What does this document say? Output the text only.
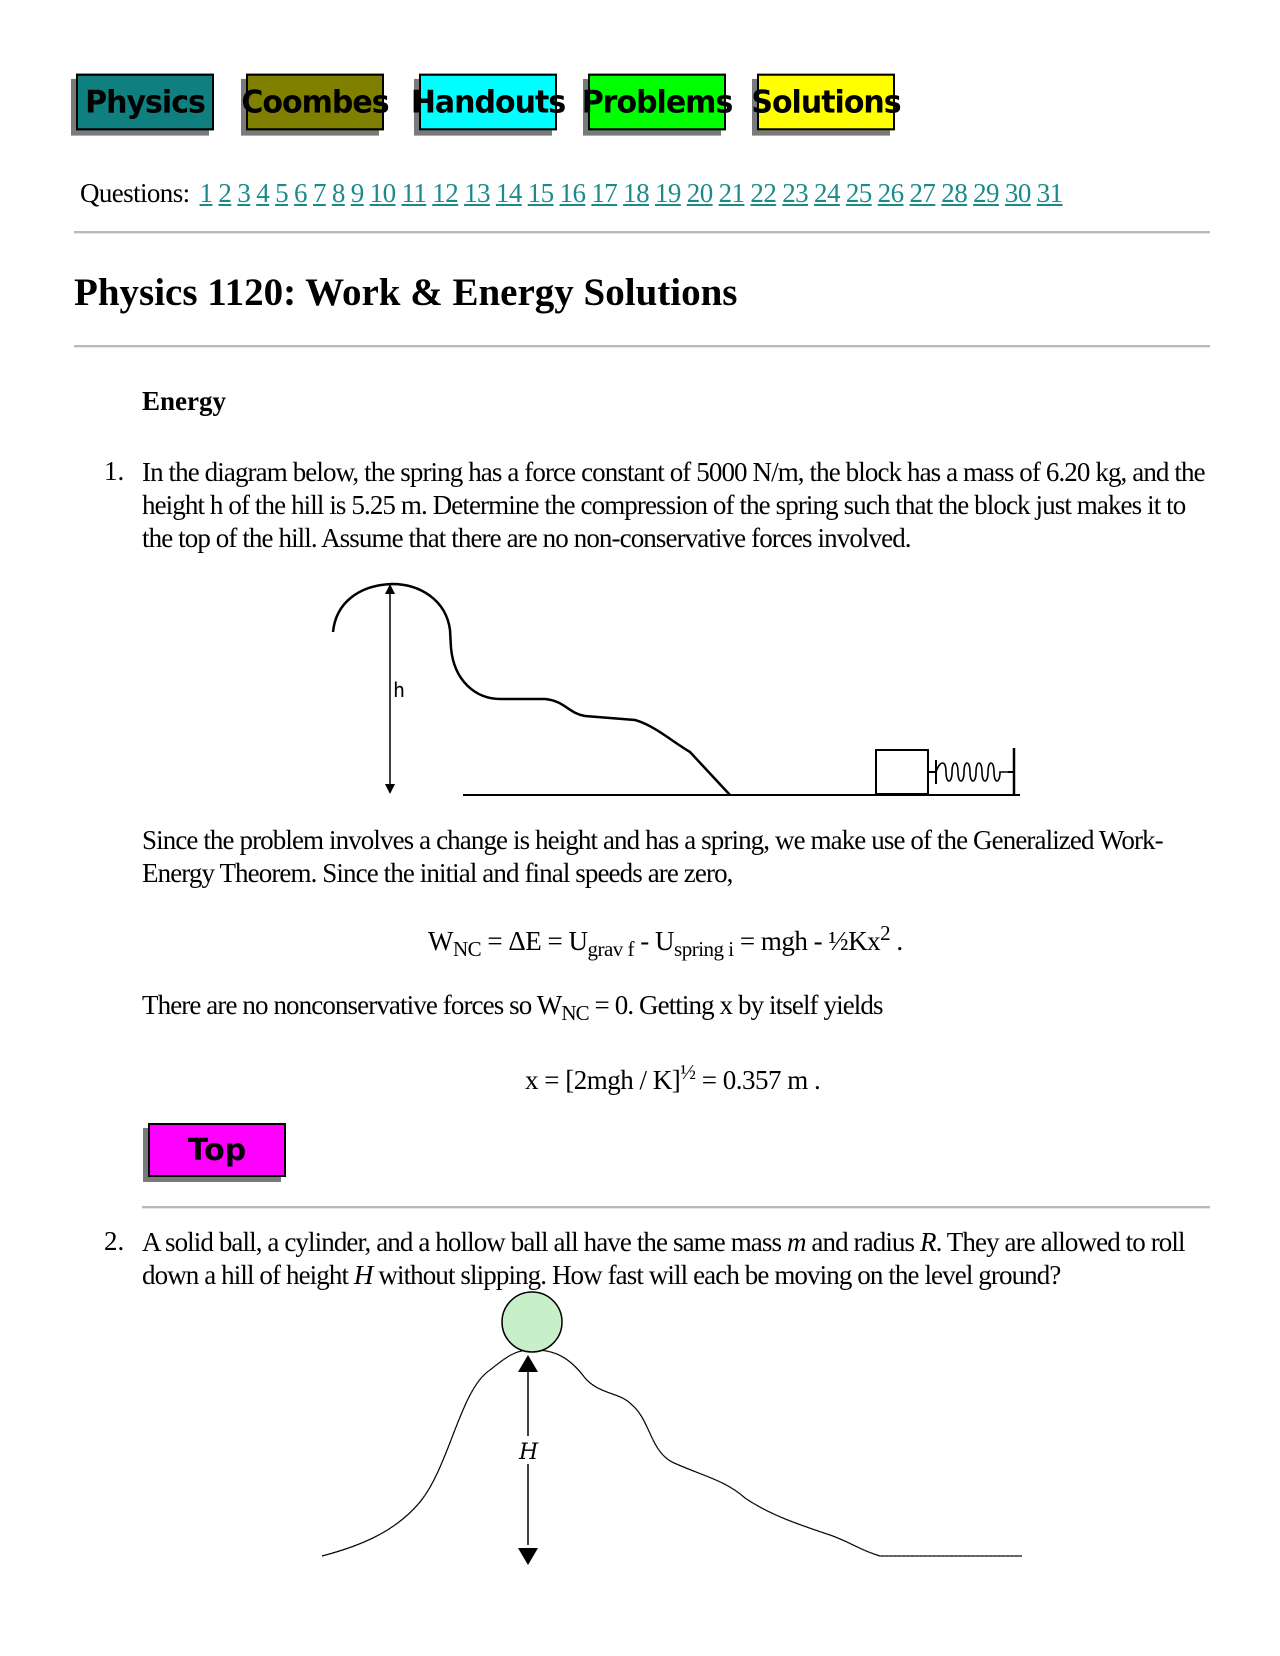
Physics	Coombes Handouts Problems Solutions
Questions: 1 2 3 4 5 6 7 8 9 10 11 12 13 14 15 16 17 18 19 20 21 22 23 24 25 26 27 28 29 30 31
Physics 1120: Work & Energy Solutions
Energy
1. In the diagram below, the spring has a force constant of 5000 N/m, the block has a mass of 6.20 kg, and the height h of the hill is 5.25 m. Determine the compression of the spring such that the block just makes it to the top of the hill. Assume that there are no non-conservative forces involved.
h
Since the problem involves a change is height and has a spring, we make use of the Generalized Work-Energy Theorem. Since the initial and final speeds are zero,
$W_{NC} = \Delta E = U_{grav f} - U_{spring i}$ = mgh - ½Kx$^2$ .
There are no nonconservative forces so $W_{NC} = 0$. Getting x by itself yields
x = [2mgh / K]$^{\frac{1}{2}}$ = 0.357 m .
Top
2. A solid ball, a cylinder, and a hollow ball all have the same mass m and radius R. They are allowed to roll down a hill of height H without slipping. How fast will each be moving on the level ground?
H
